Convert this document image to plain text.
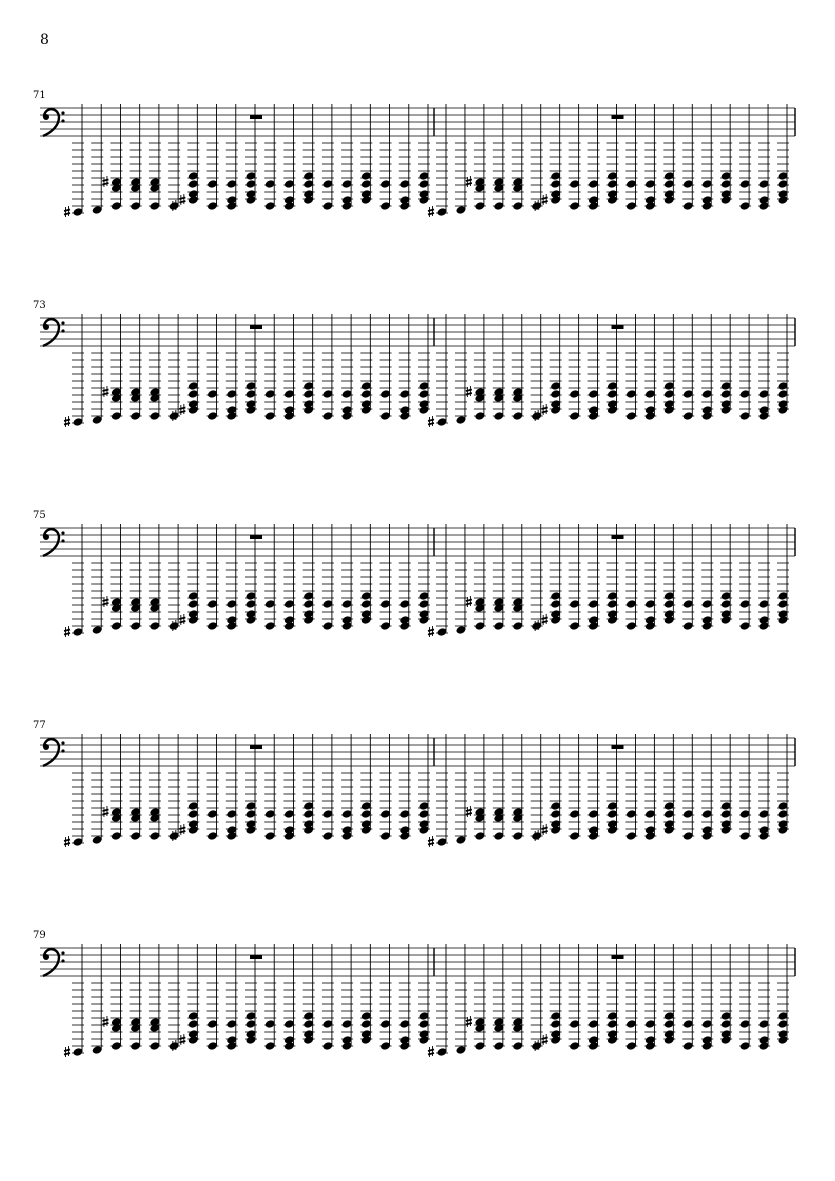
8
71
73
75
77
79
